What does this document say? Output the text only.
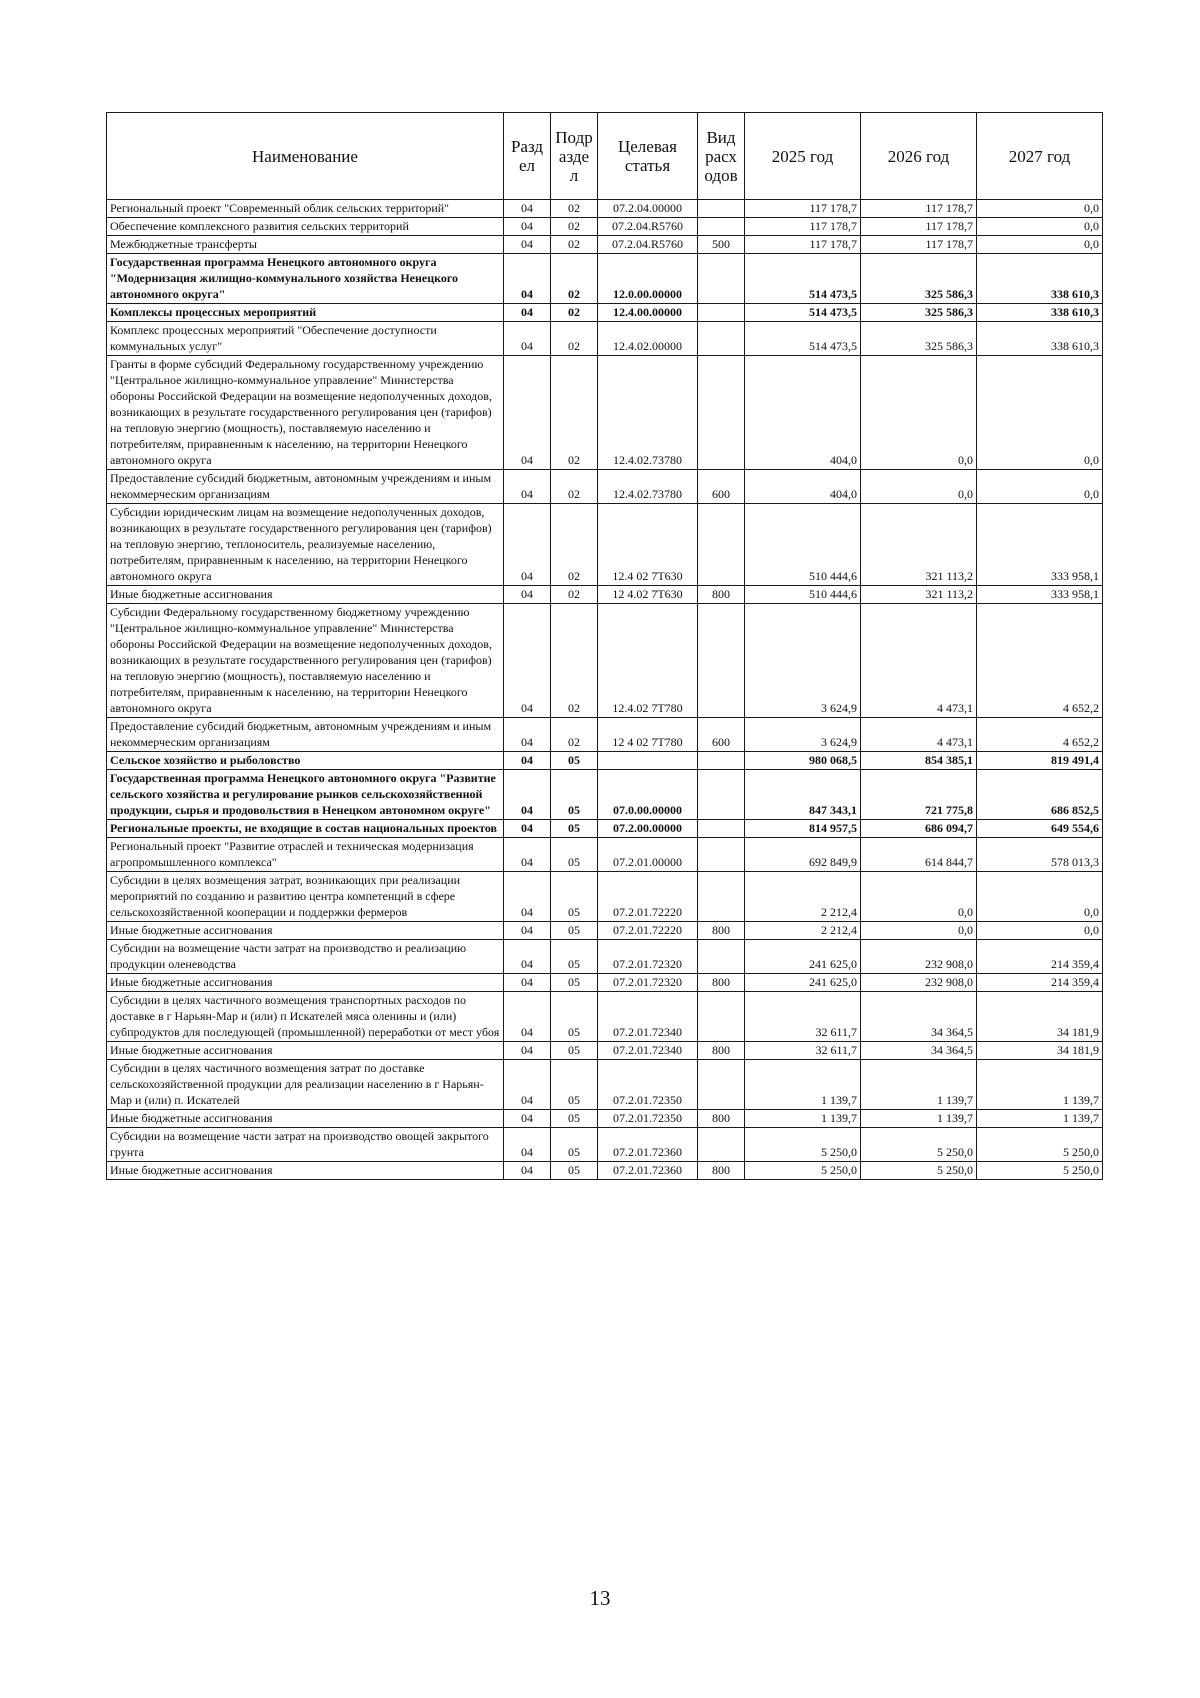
Наименование	Разд ел	Подр азде л	Целевая статья	Вид расх одов	2025 год	2026 год	2027 год
Региональный проект "Современный облик сельских территорий"	04	02	07.2.04.00000		117 178,7	117 178,7	0,0
Обеспечение комплексного развития сельских территорий	04	02	07.2.04.R5760		117 178,7	117 178,7	0,0
Межбюджетные трансферты	04	02	07.2.04.R5760	500	117 178,7	117 178,7	0,0
Государственная программа Ненецкого автономного округа "Модернизация жилищно-коммунального хозяйства Ненецкого автономного округа"	04	02	12.0.00.00000		514 473,5	325 586,3	338 610,3
Комплексы процессных мероприятий	04	02	12.4.00.00000		514 473,5	325 586,3	338 610,3
Комплекс процессных мероприятий "Обеспечение доступности коммунальных услуг"	04	02	12.4.02.00000		514 473,5	325 586,3	338 610,3
Гранты в форме субсидий Федеральному государственному учреждению "Центральное жилищно-коммунальное управление" Министерства обороны Российской Федерации на возмещение недополученных доходов, возникающих в результате государственного регулирования цен (тарифов) на тепловую энергию (мощность), поставляемую населению и потребителям, приравненным к населению, на территории Ненецкого автономного округа	04	02	12.4.02.73780		404,0	0,0	0,0
Предоставление субсидий бюджетным, автономным учреждениям и иным некоммерческим организациям	04	02	12.4.02.73780	600	404,0	0,0	0,0
Субсидии юридическим лицам на возмещение недополученных доходов, возникающих в результате государственного регулирования цен (тарифов) на тепловую энергию, теплоноситель, реализуемые населению, потребителям, приравненным к населению, на территории Ненецкого автономного округа	04	02	12.4 02 7Т630		510 444,6	321 113,2	333 958,1
Иные бюджетные ассигнования	04	02	12 4.02 7Т630	800	510 444,6	321 113,2	333 958,1
Субсидии Федеральному государственному бюджетному учреждению "Центральное жилищно-коммунальное управление" Министерства обороны Российской Федерации на возмещение недополученных доходов, возникающих в результате государственного регулирования цен (тарифов) на тепловую энергию (мощность), поставляемую населению и потребителям, приравненным к населению, на территории Ненецкого автономного округа	04	02	12.4.02 7Т780		3 624,9	4 473,1	4 652,2
Предоставление субсидий бюджетным, автономным учреждениям и иным некоммерческим организациям	04	02	12 4 02 7Т780	600	3 624,9	4 473,1	4 652,2
Сельское хозяйство и рыболовство	04	05			980 068,5	854 385,1	819 491,4
Государственная программа Ненецкого автономного округа "Развитие сельского хозяйства и регулирование рынков сельскохозяйственной продукции, сырья и продовольствия в Ненецком автономном округе"	04	05	07.0.00.00000		847 343,1	721 775,8	686 852,5
Региональные проекты, не входящие в состав национальных проектов	04	05	07.2.00.00000		814 957,5	686 094,7	649 554,6
Региональный проект "Развитие отраслей и техническая модернизация агропромышленного комплекса"	04	05	07.2.01.00000		692 849,9	614 844,7	578 013,3
Субсидии в целях возмещения затрат, возникающих при реализации мероприятий по созданию и развитию центра компетенций в сфере сельскохозяйственной кооперации и поддержки фермеров	04	05	07.2.01.72220		2 212,4	0,0	0,0
Иные бюджетные ассигнования	04	05	07.2.01.72220	800	2 212,4	0,0	0,0
Субсидии на возмещение части затрат на производство и реализацию продукции оленеводства	04	05	07.2.01.72320		241 625,0	232 908,0	214 359,4
Иные бюджетные ассигнования	04	05	07.2.01.72320	800	241 625,0	232 908,0	214 359,4
Субсидии в целях частичного возмещения транспортных расходов по доставке в г Нарьян-Мар и (или) п Искателей мяса оленины и (или) субпродуктов для последующей (промышленной) переработки от мест убоя	04	05	07.2.01.72340		32 611,7	34 364,5	34 181,9
Иные бюджетные ассигнования	04	05	07.2.01.72340	800	32 611,7	34 364,5	34 181,9
Субсидии в целях частичного возмещения затрат по доставке сельскохозяйственной продукции для реализации населению в г Нарьян-Мар и (или) п. Искателей	04	05	07.2.01.72350		1 139,7	1 139,7	1 139,7
Иные бюджетные ассигнования	04	05	07.2.01.72350	800	1 139,7	1 139,7	1 139,7
Субсидии на возмещение части затрат на производство овощей закрытого грунта	04	05	07.2.01.72360		5 250,0	5 250,0	5 250,0
Иные бюджетные ассигнования	04	05	07.2.01.72360	800	5 250,0	5 250,0	5 250,0
13
